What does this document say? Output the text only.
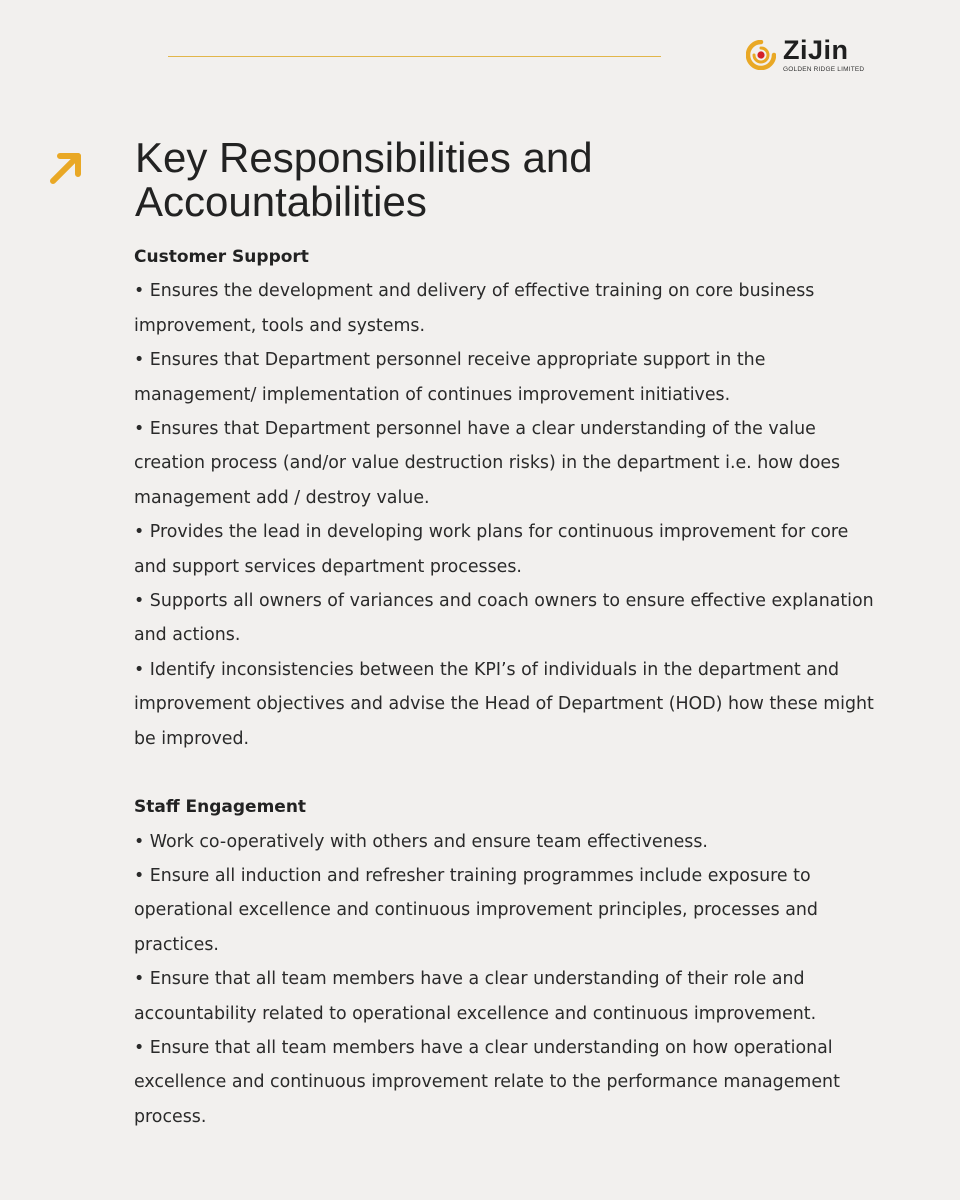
ZiJin
GOLDEN RIDGE LIMITED
Key Responsibilities and Accountabilities

Customer Support

• Ensures the development and delivery of effective training on core business improvement, tools and systems.

• Ensures that Department personnel receive appropriate support in the management/ implementation of continues improvement initiatives.

• Ensures that Department personnel have a clear understanding of the value creation process (and/or value destruction risks) in the department i.e. how does management add / destroy value.

• Provides the lead in developing work plans for continuous improvement for core and support services department processes.

• Supports all owners of variances and coach owners to ensure effective explanation and actions.

• Identify inconsistencies between the KPI’s of individuals in the department and improvement objectives and advise the Head of Department (HOD) how these might be improved.

Staff Engagement

• Work co-operatively with others and ensure team effectiveness.

• Ensure all induction and refresher training programmes include exposure to operational excellence and continuous improvement principles, processes and practices.

• Ensure that all team members have a clear understanding of their role and accountability related to operational excellence and continuous improvement.

• Ensure that all team members have a clear understanding on how operational excellence and continuous improvement relate to the performance management process.
